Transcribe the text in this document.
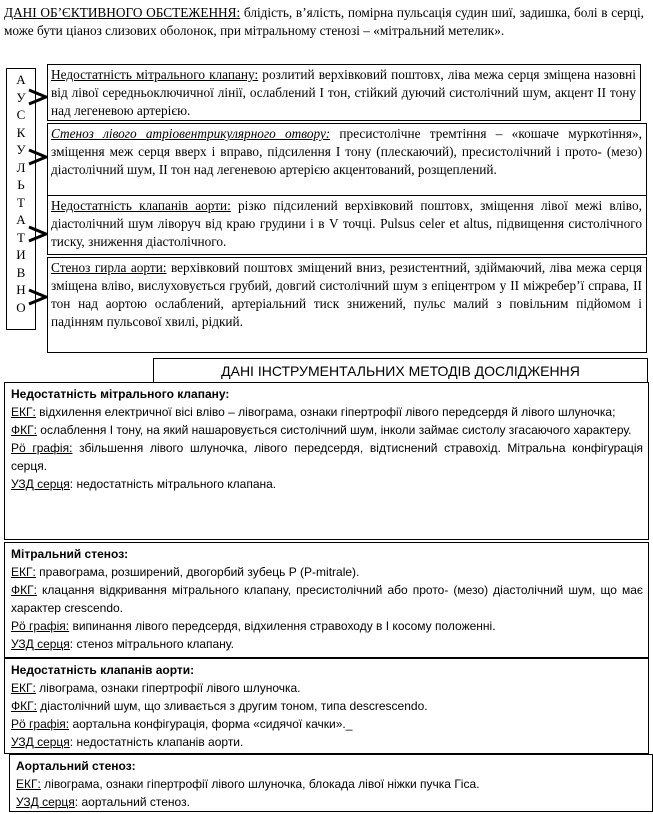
ДАНІ ОБ’ЄКТИВНОГО ОБСТЕЖЕННЯ: блідість, в’ялість, помірна пульсація судин шиї, задишка, болі в серці, може бути ціаноз слизових оболонок, при мітральному стенозі – «мітральний метелик».
А
У
С
К
У
Л
Ь
Т
А
Т
И
В
Н
О
Недостатність мітрального клапану: розлитий верхівковий поштовх, ліва межа серця зміщена назовні від лівої середньоключичної лінії, ослаблений І тон, стійкий дуючий систолічний шум, акцент ІІ тону над легеневою артерією.
Стеноз лівого атріовентрикулярного отвору: пресистолічне тремтіння – «кошаче муркотіння», зміщення меж серця вверх і вправо, підсилення І тону (плескаючий), пресистолічний і прото- (мезо) діастолічний шум, ІІ тон над легеневою артерією акцентований, розщеплений.
Недостатність клапанів аорти: різко підсилений верхівковий поштовх, зміщення лівої межі вліво, діастолічний шум ліворуч від краю грудини і в V точці. Pulsus celer et altus, підвищення систолічного тиску, зниження діастолічного.
Стеноз гирла аорти: верхівковий поштовх зміщений вниз, резистентний, здіймаючий, ліва межа серця зміщена вліво, вислуховується грубий, довгий систолічний шум з епіцентром у ІІ міжребер’ї справа, ІІ тон над аортою ослаблений, артеріальний тиск знижений, пульс малий з повільним підйомом і падінням пульсової хвилі, рідкий.
ДАНІ ІНСТРУМЕНТАЛЬНИХ МЕТОДІВ ДОСЛІДЖЕННЯ
Недостатність мітрального клапану:

ЕКГ: відхилення електричної вісі вліво – лівограма, ознаки гіпертрофії лівого передсердя й лівого шлуночка;

ФКГ: ослаблення І тону, на який нашаровується систолічний шум, інколи займає систолу згасаючого характеру.

Рö графія: збільшення лівого шлуночка, лівого передсердя, відтиснений стравохід. Мітральна конфігурація серця.

УЗД серця: недостатність мітрального клапана.

Мітральний стеноз:

ЕКГ: правограма, розширений, двогорбий зубець Р (P-mitrale).

ФКГ: клацання відкривання мітрального клапану, пресистолічний або прото- (мезо) діастолічний шум, що має характер crescendo.

Рö графія: випинання лівого передсердя, відхилення стравоходу в І косому положенні.

УЗД серця: стеноз мітрального клапану.

Недостатність клапанів аорти:

ЕКГ: лівограма, ознаки гіпертрофії лівого шлуночка.

ФКГ: діастолічний шум, що зливається з другим тоном, типа descrescendo.

Рö графія: аортальна конфігурація, форма «сидячої качки»._

УЗД серця: недостатність клапанів аорти.

Аортальний стеноз:

ЕКГ: лівограма, ознаки гіпертрофії лівого шлуночка, блокада лівої ніжки пучка Гіса.

УЗД серця: аортальний стеноз.
